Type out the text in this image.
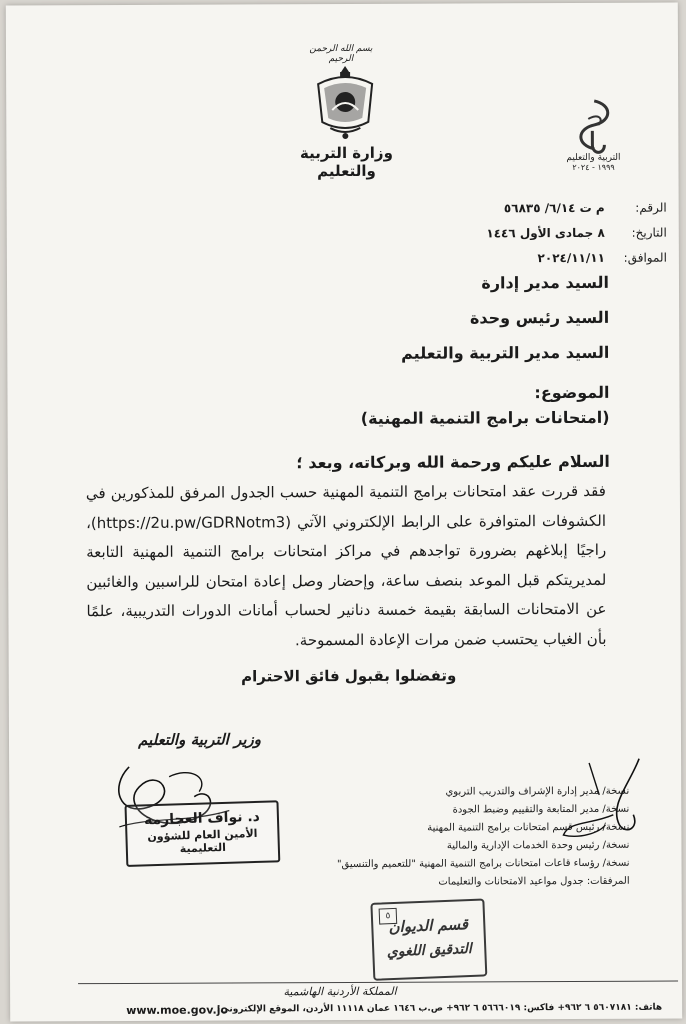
بسم الله الرحمن الرحيم
وزارة التربية والتعليم
التربية والتعليم
١٩٩٩ - ٢٠٢٤
الرقم:
م ت ٦/١٤/ ٥٦٨٣٥
التاريخ:
٨ جمادى الأول ١٤٤٦
الموافق:
٢٠٢٤/١١/١١
السيد مدير إدارة
السيد رئيس وحدة
السيد مدير التربية والتعليم
الموضوع:
(امتحانات برامج التنمية المهنية)
السلام عليكم ورحمة الله وبركاته، وبعد ؛
فقد قررت عقد امتحانات برامج التنمية المهنية حسب الجدول المرفق للمذكورين في الكشوفات المتوافرة على الرابط الإلكتروني الآتي (https://2u.pw/GDRNotm3)، راجيًا إبلاغهم بضرورة تواجدهم في مراكز امتحانات برامج التنمية المهنية التابعة لمديريتكم قبل الموعد بنصف ساعة، وإحضار وصل إعادة امتحان للراسبين والغائبين عن الامتحانات السابقة بقيمة خمسة دنانير لحساب أمانات الدورات التدريبية، علمًا بأن الغياب يحتسب ضمن مرات الإعادة المسموحة.
وتفضلوا بقبول فائق الاحترام
وزير التربية والتعليم
د. نواف العجارمة
الأمين العام للشؤون التعليمية
نسخة/ مدير إدارة الإشراف والتدريب التربوي
نسخة/ مدير المتابعة والتقييم وضبط الجودة
نسخة/ رئيس قسم امتحانات برامج التنمية المهنية
نسخة/ رئيس وحدة الخدمات الإدارية والمالية
نسخة/ رؤساء قاعات امتحانات برامج التنمية المهنية "للتعميم والتنسيق"
المرفقات: جدول مواعيد الامتحانات والتعليمات
٥
قسم الديوان
التدقيق اللغوي
المملكة الأردنية الهاشمية
هاتف: ٥٦٠٧١٨١ ٦ ٩٦٢+ فاكس: ٥٦٦٦٠١٩ ٦ ٩٦٢+ ص.ب ١٦٤٦ عمان ١١١١٨ الأردن، الموقع الإلكتروني:
www.moe.gov.jo
